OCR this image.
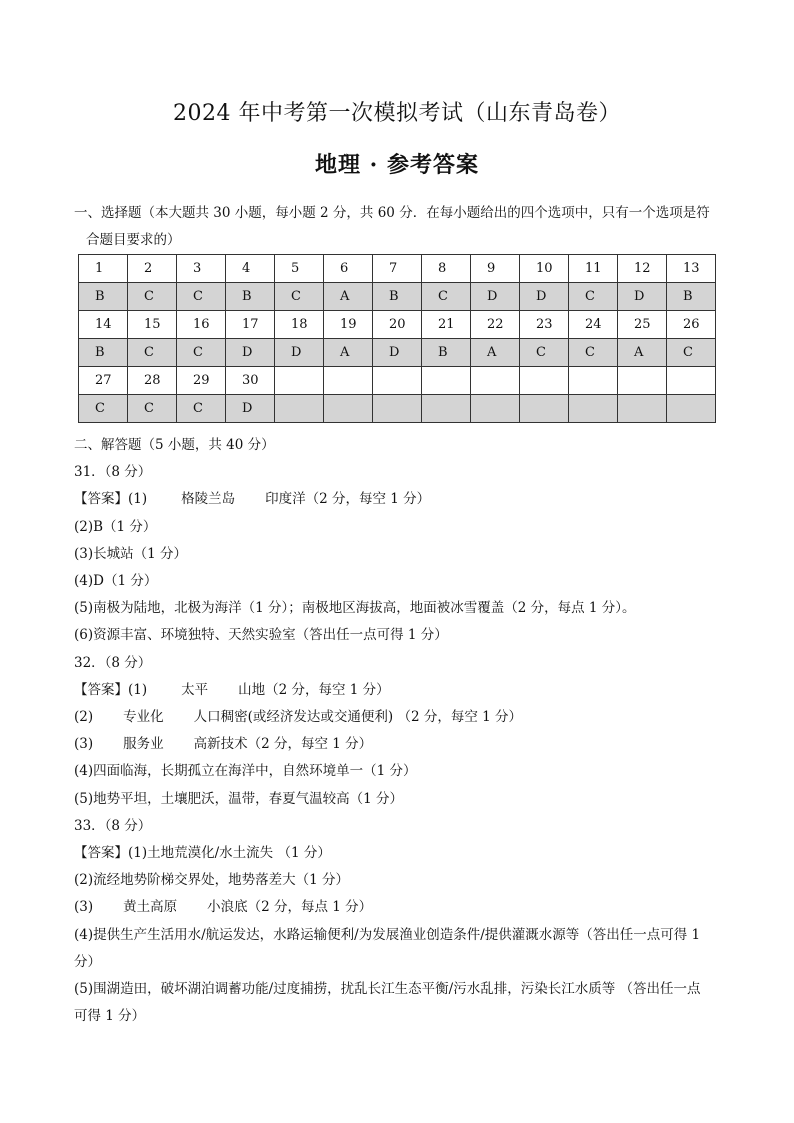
2024 年中考第一次模拟考试（山东青岛卷）
地理 · 参考答案
一、选择题（本大题共 30 小题，每小题 2 分，共 60 分．在每小题给出的四个选项中，只有一个选项是符
合题目要求的）
1	2	3	4	5	6	7	8	9	10	11	12	13
B	C	C	B	C	A	B	C	D	D	C	D	B
14	15	16	17	18	19	20	21	22	23	24	25	26
B	C	C	D	D	A	D	B	A	C	C	A	C
27	28	29	30									
C	C	C	D									
二、解答题（5 小题，共 40 分）
31．（8 分）
【答案】(1)	格陵兰岛 印度洋（2 分，每空 1 分）
(2)B（1 分）
(3)长城站（1 分）
(4)D（1 分）
(5)南极为陆地，北极为海洋（1 分）；南极地区海拔高，地面被冰雪覆盖（2 分，每点 1 分）。
(6)资源丰富、环境独特、天然实验室（答出任一点可得 1 分）
32．（8 分）
【答案】(1)	太平 山地（2 分，每空 1 分）
(2) 专业化 人口稠密(或经济发达或交通便利) （2 分，每空 1 分）
(3) 服务业 高新技术（2 分，每空 1 分）
(4)四面临海，长期孤立在海洋中，自然环境单一（1 分）
(5)地势平坦，土壤肥沃，温带，春夏气温较高（1 分）
33．（8 分）
【答案】(1)土地荒漠化/水土流失 （1 分）
(2)流经地势阶梯交界处，地势落差大（1 分）
(3) 黄土高原 小浪底（2 分，每点 1 分）
(4)提供生产生活用水/航运发达，水路运输便利/为发展渔业创造条件/提供灌溉水源等（答出任一点可得 1
分）
(5)围湖造田，破坏湖泊调蓄功能/过度捕捞，扰乱长江生态平衡/污水乱排，污染长江水质等 （答出任一点
可得 1 分）
